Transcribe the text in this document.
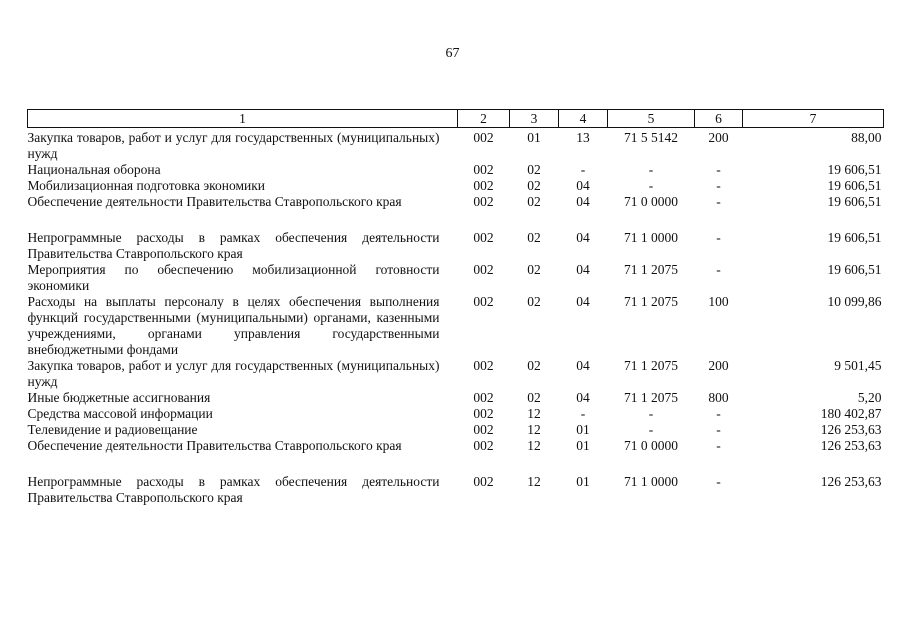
67
1	2	3	4	5	6	7
Закупка товаров, работ и услуг для государственных (муниципальных) нужд	002	01	13	71 5 5142	200	88,00
Национальная оборона	002	02	-	-	-	19 606,51
Мобилизационная подготовка экономики	002	02	04	-	-	19 606,51
Обеспечение деятельности Правительства Ставропольского края	002	02	04	71 0 0000	-	19 606,51
Непрограммные расходы в рамках обеспечения деятельности Правительства Ставропольского края	002	02	04	71 1 0000	-	19 606,51
Мероприятия по обеспечению мобилизационной готовности экономики	002	02	04	71 1 2075	-	19 606,51
Расходы на выплаты персоналу в целях обеспечения выполнения функций государственными (муниципальными) органами, казенными учреждениями, органами управления государственными внебюджетными фондами	002	02	04	71 1 2075	100	10 099,86
Закупка товаров, работ и услуг для государственных (муниципальных) нужд	002	02	04	71 1 2075	200	9 501,45
Иные бюджетные ассигнования	002	02	04	71 1 2075	800	5,20
Средства массовой информации	002	12	-	-	-	180 402,87
Телевидение и радиовещание	002	12	01	-	-	126 253,63
Обеспечение деятельности Правительства Ставропольского края	002	12	01	71 0 0000	-	126 253,63
Непрограммные расходы в рамках обеспечения деятельности Правительства Ставропольского края	002	12	01	71 1 0000	-	126 253,63
